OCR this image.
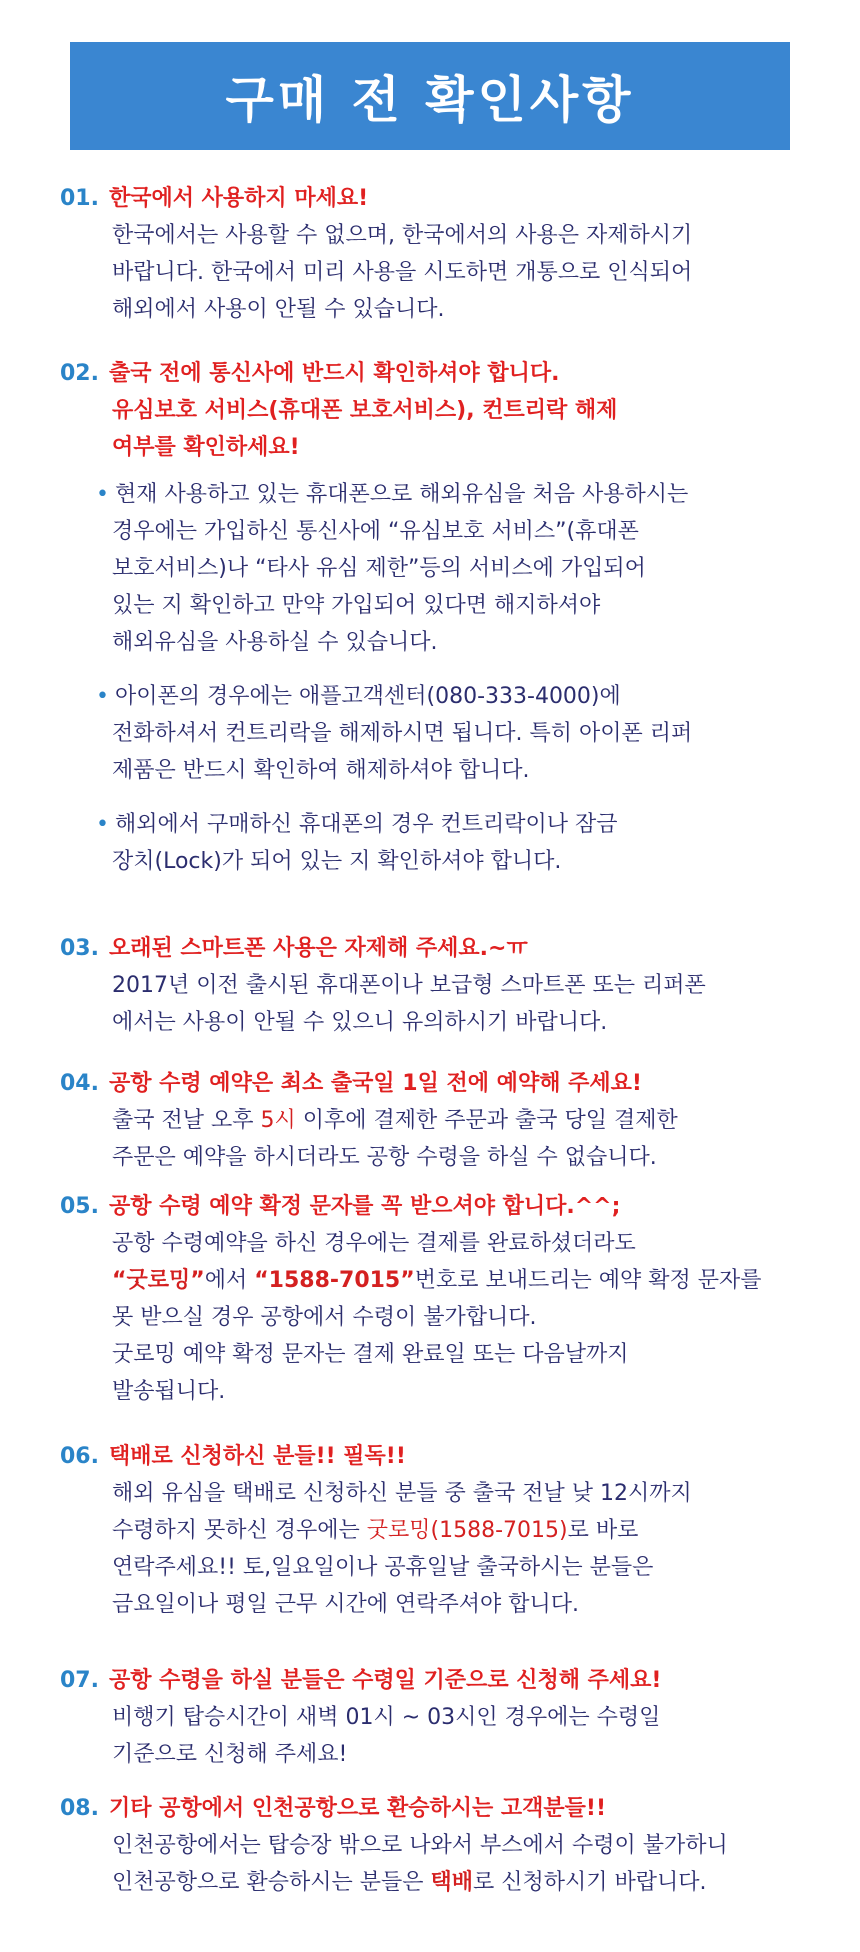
구매 전 확인사항
01. 한국에서 사용하지 마세요!
한국에서는 사용할 수 없으며, 한국에서의 사용은 자제하시기
바랍니다. 한국에서 미리 사용을 시도하면 개통으로 인식되어
해외에서 사용이 안될 수 있습니다.
02. 출국 전에 통신사에 반드시 확인하셔야 합니다.
유심보호 서비스(휴대폰 보호서비스), 컨트리락 해제
여부를 확인하세요!
• 현재 사용하고 있는 휴대폰으로 해외유심을 처음 사용하시는
경우에는 가입하신 통신사에 “유심보호 서비스”(휴대폰
보호서비스)나 “타사 유심 제한”등의 서비스에 가입되어
있는 지 확인하고 만약 가입되어 있다면 해지하셔야
해외유심을 사용하실 수 있습니다.
• 아이폰의 경우에는 애플고객센터(080-333-4000)에
전화하셔서 컨트리락을 해제하시면 됩니다. 특히 아이폰 리퍼
제품은 반드시 확인하여 해제하셔야 합니다.
• 해외에서 구매하신 휴대폰의 경우 컨트리락이나 잠금
장치(Lock)가 되어 있는 지 확인하셔야 합니다.
03. 오래된 스마트폰 사용은 자제해 주세요.~ㅠ
2017년 이전 출시된 휴대폰이나 보급형 스마트폰 또는 리퍼폰
에서는 사용이 안될 수 있으니 유의하시기 바랍니다.
04. 공항 수령 예약은 최소 출국일 1일 전에 예약해 주세요!
출국 전날 오후 5시 이후에 결제한 주문과 출국 당일 결제한
주문은 예약을 하시더라도 공항 수령을 하실 수 없습니다.
05. 공항 수령 예약 확정 문자를 꼭 받으셔야 합니다.^^;
공항 수령예약을 하신 경우에는 결제를 완료하셨더라도
“굿로밍”에서 “1588-7015”번호로 보내드리는 예약 확정 문자를
못 받으실 경우 공항에서 수령이 불가합니다.
굿로밍 예약 확정 문자는 결제 완료일 또는 다음날까지
발송됩니다.
06. 택배로 신청하신 분들!! 필독!!
해외 유심을 택배로 신청하신 분들 중 출국 전날 낮 12시까지
수령하지 못하신 경우에는 굿로밍(1588-7015)로 바로
연락주세요!! 토,일요일이나 공휴일날 출국하시는 분들은
금요일이나 평일 근무 시간에 연락주셔야 합니다.
07. 공항 수령을 하실 분들은 수령일 기준으로 신청해 주세요!
비행기 탑승시간이 새벽 01시 ~ 03시인 경우에는 수령일
기준으로 신청해 주세요!
08. 기타 공항에서 인천공항으로 환승하시는 고객분들!!
인천공항에서는 탑승장 밖으로 나와서 부스에서 수령이 불가하니
인천공항으로 환승하시는 분들은 택배로 신청하시기 바랍니다.
